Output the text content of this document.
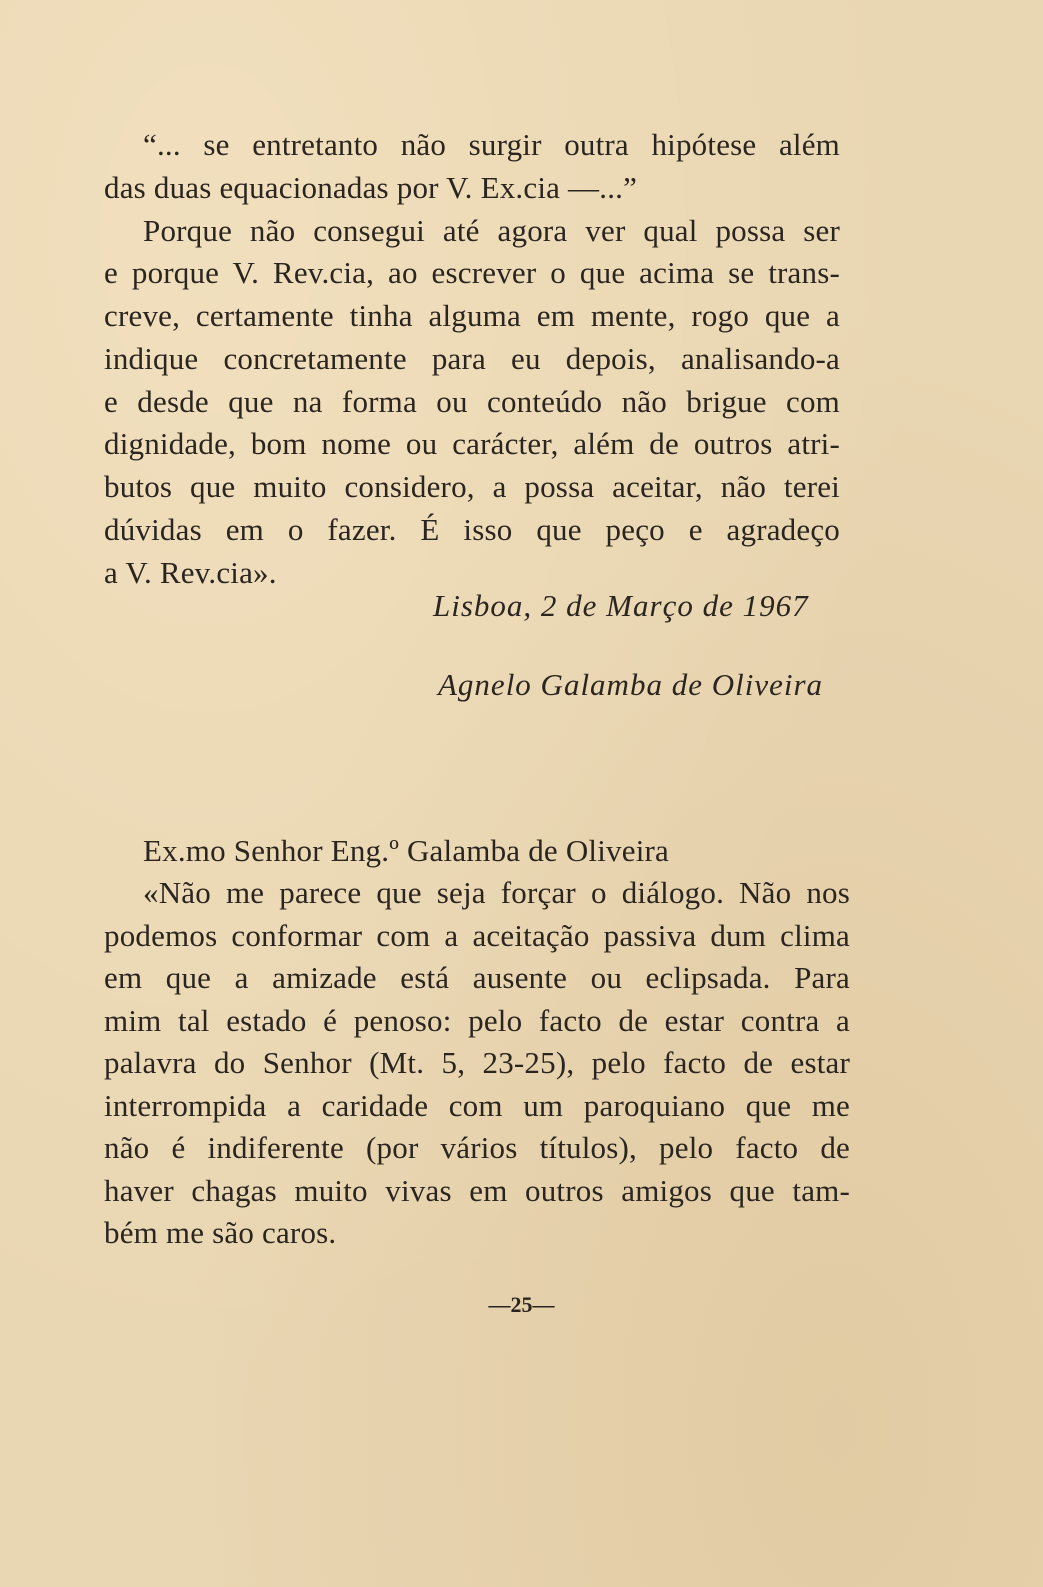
“... se entretanto não surgir outra hipótese além
das duas equacionadas por V. Ex.cia —...”
Porque não consegui até agora ver qual possa ser
e porque V. Rev.cia, ao escrever o que acima se trans-
creve, certamente tinha alguma em mente, rogo que a
indique concretamente para eu depois, analisando-a
e desde que na forma ou conteúdo não brigue com
dignidade, bom nome ou carácter, além de outros atri-
butos que muito considero, a possa aceitar, não terei
dúvidas em o fazer. É isso que peço e agradeço
a V. Rev.cia».
Lisboa, 2 de Março de 1967
Agnelo Galamba de Oliveira
Ex.mo Senhor Eng.º Galamba de Oliveira
«Não me parece que seja forçar o diálogo. Não nos
podemos conformar com a aceitação passiva dum clima
em que a amizade está ausente ou eclipsada. Para
mim tal estado é penoso: pelo facto de estar contra a
palavra do Senhor (Mt. 5, 23-25), pelo facto de estar
interrompida a caridade com um paroquiano que me
não é indiferente (por vários títulos), pelo facto de
haver chagas muito vivas em outros amigos que tam-
bém me são caros.
—25—
